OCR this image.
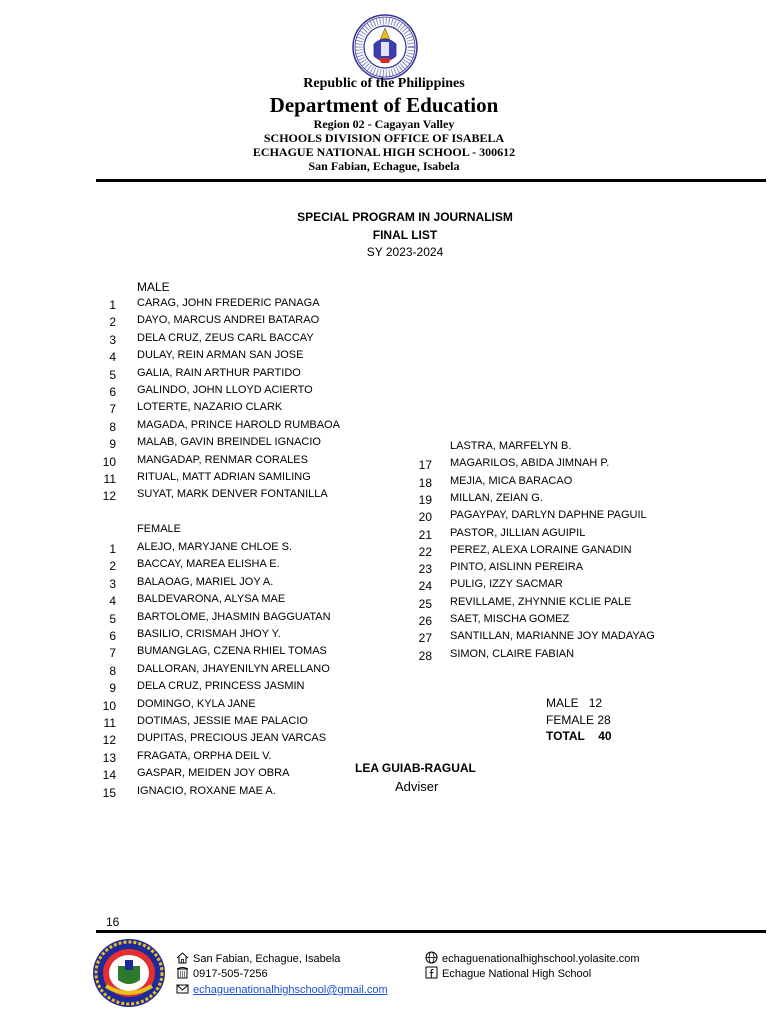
Republic of the Philippines
Department of Education
Region 02 - Cagayan Valley
SCHOOLS DIVISION OFFICE OF ISABELA
ECHAGUE NATIONAL HIGH SCHOOL - 300612
San Fabian, Echague, Isabela
SPECIAL PROGRAM IN JOURNALISM
FINAL LIST
SY 2023-2024
MALE
1 CARAG, JOHN FREDERIC PANAGA
2 DAYO, MARCUS ANDREI BATARAO
3 DELA CRUZ, ZEUS CARL BACCAY
4 DULAY, REIN ARMAN SAN JOSE
5 GALIA, RAIN ARTHUR PARTIDO
6 GALINDO, JOHN LLOYD ACIERTO
7 LOTERTE, NAZARIO CLARK
8 MAGADA, PRINCE HAROLD RUMBAOA
9 MALAB, GAVIN BREINDEL IGNACIO
10 MANGADAP, RENMAR CORALES
11 RITUAL, MATT ADRIAN SAMILING
12 SUYAT, MARK DENVER FONTANILLA
FEMALE
1 ALEJO, MARYJANE CHLOE S.
2 BACCAY, MAREA ELISHA E.
3 BALAOAG, MARIEL JOY A.
4 BALDEVARONA, ALYSA MAE
5 BARTOLOME, JHASMIN BAGGUATAN
6 BASILIO, CRISMAH JHOY Y.
7 BUMANGLAG, CZENA RHIEL TOMAS
8 DALLORAN, JHAYENILYN ARELLANO
9 DELA CRUZ, PRINCESS JASMIN
10 DOMINGO, KYLA JANE
11 DOTIMAS, JESSIE MAE PALACIO
12 DUPITAS, PRECIOUS JEAN VARCAS
13 FRAGATA, ORPHA DEIL V.
14 GASPAR, MEIDEN JOY OBRA
15 IGNACIO, ROXANE MAE A.
LASTRA, MARFELYN B.
17 MAGARILOS, ABIDA JIMNAH P.
18 MEJIA, MICA BARACAO
19 MILLAN, ZEIAN G.
20 PAGAYPAY, DARLYN DAPHNE PAGUIL
21 PASTOR, JILLIAN AGUIPIL
22 PEREZ, ALEXA LORAINE GANADIN
23 PINTO, AISLINN PEREIRA
24 PULIG, IZZY SACMAR
25 REVILLAME, ZHYNNIE KCLIE PALE
26 SAET, MISCHA GOMEZ
27 SANTILLAN, MARIANNE JOY MADAYAG
28 SIMON, CLAIRE FABIAN
MALE 12
FEMALE 28
TOTAL 40
LEA GUIAB-RAGUAL
Adviser
16
San Fabian, Echague, Isabela
0917-505-7256
echaguenationalhighschool@gmail.com
echaguenationalhighschool.yolasite.com
Echague National High School
